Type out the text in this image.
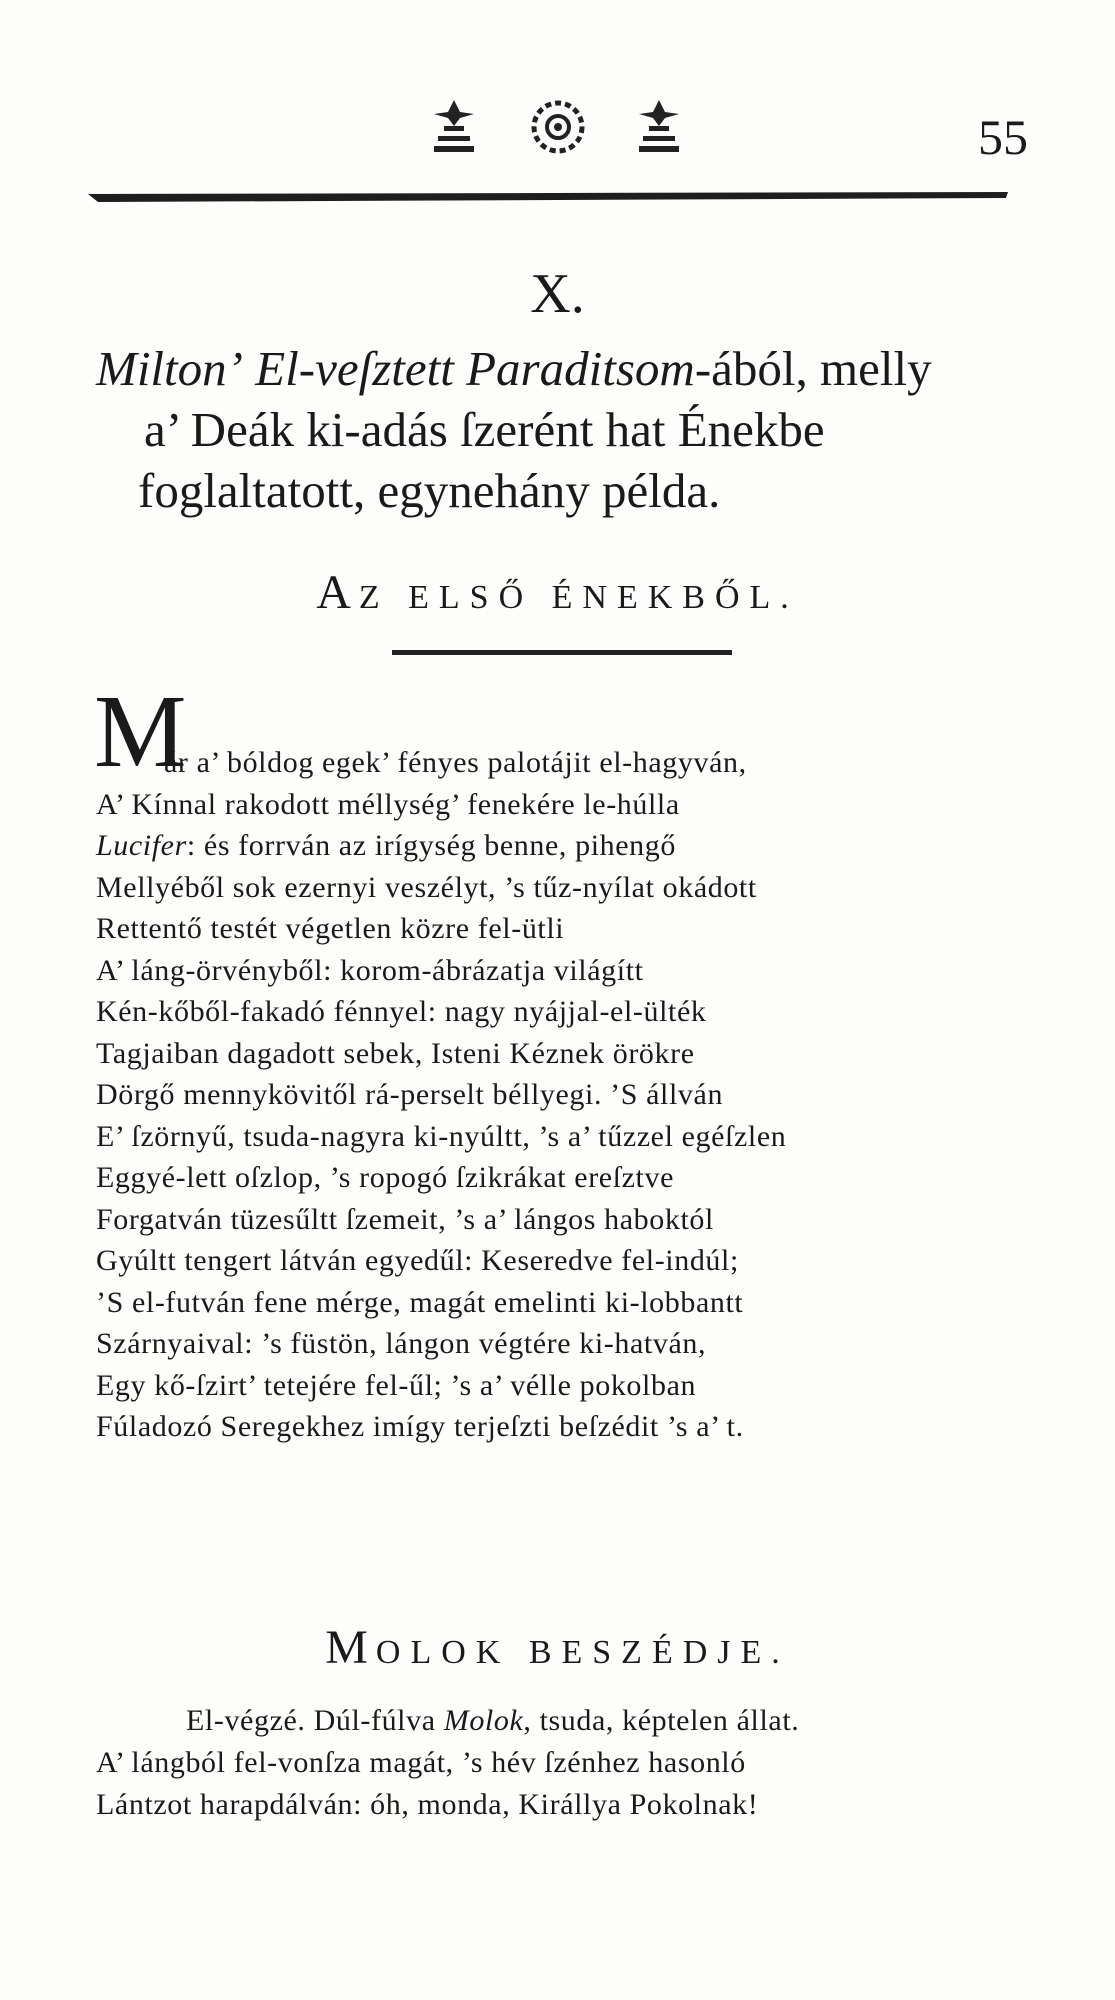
55
X.
Milton’ El-veſztett Paraditsom-ából, melly
a’ Deák ki-adás ſzerént hat Énekbe
foglaltatott, egynehány példa.
AZ ELSŐ ÉNEKBŐL.
M
ár a’ bóldog egek’ fényes palotájit el-hagyván,
A’ Kínnal rakodott méllység’ fenekére le-húlla
Lucifer: és forrván az irígység benne, pihengő
Mellyéből sok ezernyi veszélyt, ’s tűz-nyílat okádott
Rettentő testét végetlen közre fel-ütli
A’ láng-örvényből: korom-ábrázatja világítt
Kén-kőből-fakadó fénnyel: nagy nyájjal-el-ülték
Tagjaiban dagadott sebek, Isteni Kéznek örökre
Dörgő mennykövitől rá-perselt béllyegi. ’S állván
E’ ſzörnyű, tsuda-nagyra ki-nyúltt, ’s a’ tűzzel egéſzlen
Eggyé-lett oſzlop, ’s ropogó ſzikrákat ereſztve
Forgatván tüzesűltt ſzemeit, ’s a’ lángos haboktól
Gyúltt tengert látván egyedűl: Keseredve fel-indúl;
’S el-futván fene mérge, magát emelinti ki-lobbantt
Szárnyaival: ’s füstön, lángon végtére ki-hatván,
Egy kő-ſzirt’ tetejére fel-űl; ’s a’ vélle pokolban
Fúladozó Seregekhez imígy terjeſzti beſzédit ’s a’ t.
MOLOK BESZÉDJE.
El-végzé. Dúl-fúlva Molok, tsuda, képtelen állat.
A’ lángból fel-vonſza magát, ’s hév ſzénhez hasonló
Lántzot harapdálván: óh, monda, Királlya Pokolnak!
